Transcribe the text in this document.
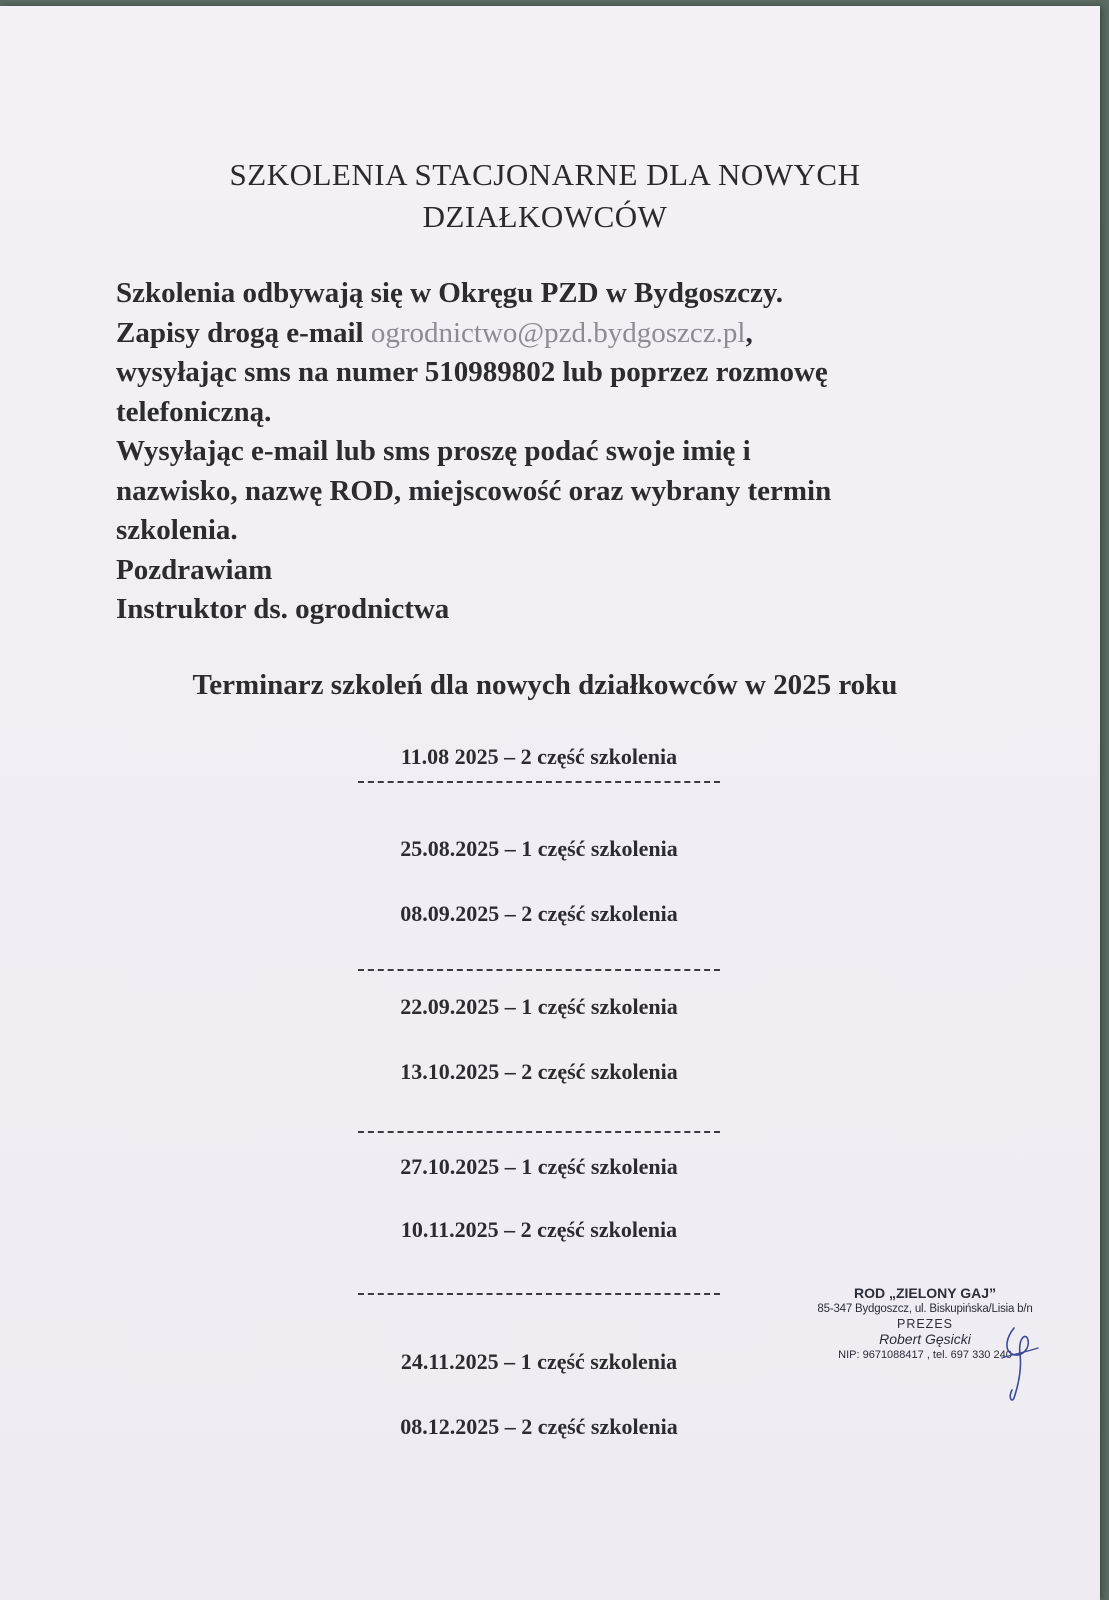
SZKOLENIA STACJONARNE DLA NOWYCH
DZIAŁKOWCÓW
Szkolenia odbywają się w Okręgu PZD w Bydgoszczy.
Zapisy drogą e-mail ogrodnictwo@pzd.bydgoszcz.pl,
wysyłając sms na numer 510989802 lub poprzez rozmowę
telefoniczną.
Wysyłając e-mail lub sms proszę podać swoje imię i
nazwisko, nazwę ROD, miejscowość oraz wybrany termin
szkolenia.
Pozdrawiam
Instruktor ds. ogrodnictwa
Terminarz szkoleń dla nowych działkowców w 2025 roku
11.08 2025 – 2 część szkolenia
25.08.2025 – 1 część szkolenia
08.09.2025 – 2 część szkolenia
22.09.2025 – 1 część szkolenia
13.10.2025 – 2 część szkolenia
27.10.2025 – 1 część szkolenia
10.11.2025 – 2 część szkolenia
24.11.2025 – 1 część szkolenia
08.12.2025 – 2 część szkolenia
ROD „ZIELONY GAJ”
85-347 Bydgoszcz, ul. Biskupińska/Lisia b/n
PREZES
Robert Gęsicki
NIP: 9671088417 , tel. 697 330 240
